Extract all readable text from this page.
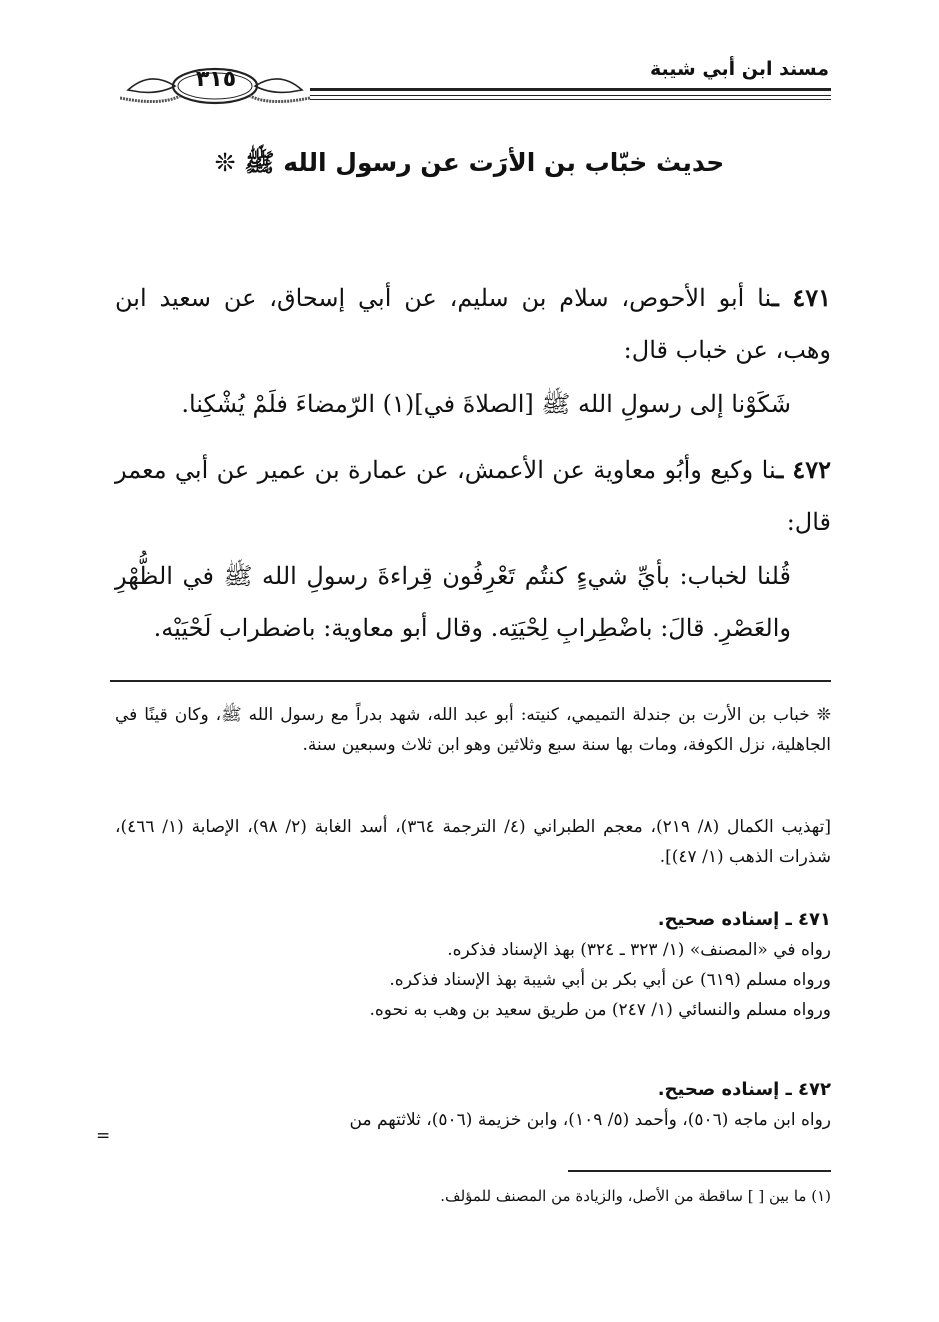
مسند ابن أبي شيبة
٣١٥
حديث خبّاب بن الأرَت عن رسول الله ﷺ ❊

٤٧١ ـنا أبو الأحوص، سلام بن سليم، عن أبي إسحاق، عن سعيد ابن وهب، عن خباب قال:

شَكَوْنا إلى رسولِ الله ﷺ [الصلاةَ في](١) الرّمضاءَ فلَمْ يُشْكِنا.

٤٧٢ ـنا وكيع وأبُو معاوية عن الأعمش، عن عمارة بن عمير عن أبي معمر قال:

قُلنا لخباب: بأيِّ شيءٍ كنتُم تَعْرِفُون قِراءةَ رسولِ الله ﷺ في الظُّهْرِ والعَصْرِ. قالَ: باضْطِرابِ لِحْيَتِه. وقال أبو معاوية: باضطراب لَحْيَيْه.

❊ خباب بن الأرت بن جندلة التميمي، كنيته: أبو عبد الله، شهد بدراً مع رسول الله ﷺ، وكان قينًا في الجاهلية، نزل الكوفة، ومات بها سنة سبع وثلاثين وهو ابن ثلاث وسبعين سنة.
[تهذيب الكمال (٨/ ٢١٩)، معجم الطبراني (٤/ الترجمة ٣٦٤)، أسد الغابة (٢/ ٩٨)، الإصابة (١/ ٤٦٦)، شذرات الذهب (١/ ٤٧)].

٤٧١ ـ إسناده صحيح.

رواه في «المصنف» (١/ ٣٢٣ ـ ٣٢٤) بهذ الإسناد فذكره.

ورواه مسلم (٦١٩) عن أبي بكر بن أبي شيبة بهذ الإسناد فذكره.

ورواه مسلم والنسائي (١/ ٢٤٧) من طريق سعيد بن وهب به نحوه.

٤٧٢ ـ إسناده صحيح.

رواه ابن ماجه (٥٠٦)، وأحمد (٥/ ١٠٩)، وابن خزيمة (٥٠٦)، ثلاثتهم من

=
(١) ما بين [ ] ساقطة من الأصل، والزيادة من المصنف للمؤلف.
